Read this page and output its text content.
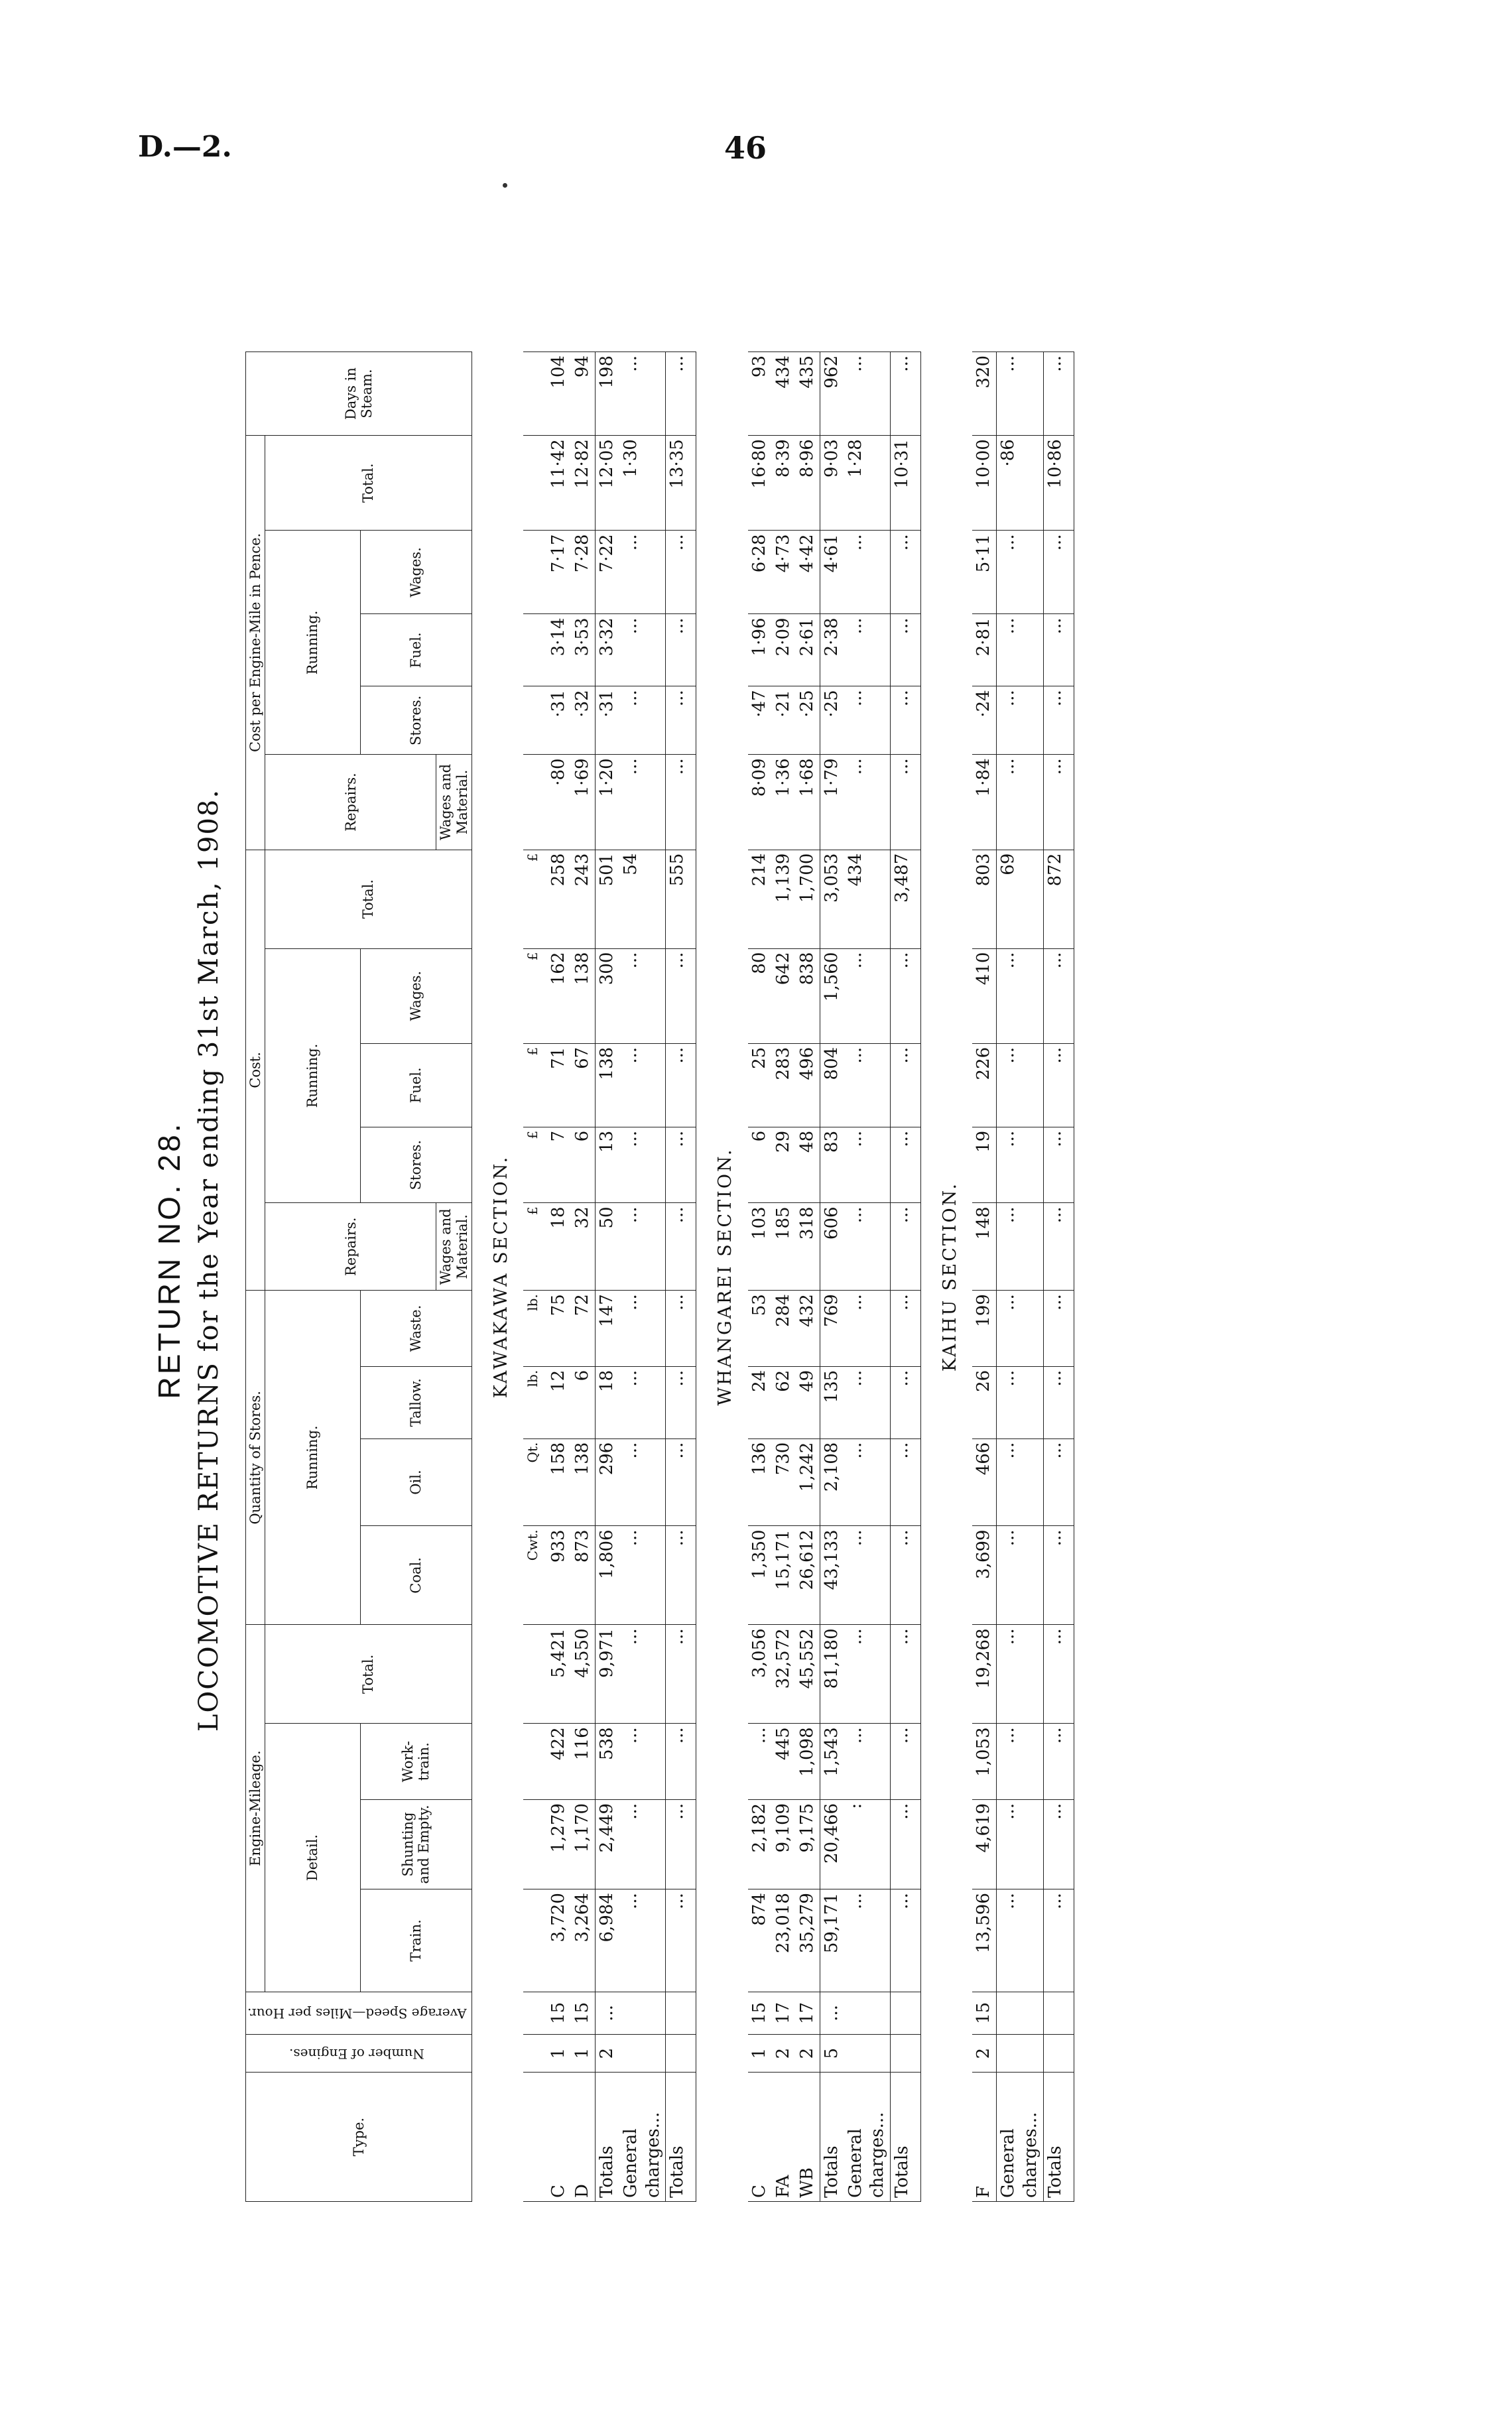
D.—2.	46
RETURN NO. 28. LOCOMOTIVE RETURNS for the Year ending 31st March, 1908.
Type.	Number of Engines.	Average Speed—Miles per Hour.	Engine-Mileage.				Quantity of Stores.				Cost.					Cost per Engine-Mile in Pence.					Days in Steam.
			Detail.			Total.	Running.				Repairs.	Running.			Total.	Repairs.	Running.			Total.	
			Train.	Shunting and Empty.	Work-train.		Coal.	Oil.	Tallow.	Waste.		Stores.	Fuel.	Wages.			Stores.	Fuel.	Wages.		
											Wages and Material.					Wages and Material.					
KAWAKAWA SECTION.																					
							Cwt.	Qt.	lb.	lb.	£	£	£	£	£						
C	1	15	3,720	1,279	422	5,421	933	158	12	75	18	7	71	162	258	·80	·31	3·14	7·17	11·42	104
D	1	15	3,264	1,170	116	4,550	873	138	6	72	32	6	67	138	243	1·69	·32	3·53	7·28	12·82	94
Totals	2	...	6,984	2,449	538	9,971	1,806	296	18	147	50	13	138	300	501	1·20	·31	3·32	7·22	12·05	198
General charges...			...	...	...	...	...	...	...	...	...	...	...	...	54	...	...	...	...	1·30	...
Totals			...	...	...	...	...	...	...	...	...	...	...	...	555	...	...	...	...	13·35	...
WHANGAREI SECTION.																					
C	1	15	874	2,182	...	3,056	1,350	136	24	53	103	6	25	80	214	8·09	·47	1·96	6·28	16·80	93
FA	2	17	23,018	9,109	445	32,572	15,171	730	62	284	185	29	283	642	1,139	1·36	·21	2·09	4·73	8·39	434
WB	2	17	35,279	9,175	1,098	45,552	26,612	1,242	49	432	318	48	496	838	1,700	1·68	·25	2·61	4·42	8·96	435
Totals	5	...	59,171	20,466	1,543	81,180	43,133	2,108	135	769	606	83	804	1,560	3,053	1·79	·25	2·38	4·61	9·03	962
General charges...			...	:	...	...	...	...	...	...	...	...	...	...	434	...	...	...	...	1·28	...
Totals			...	...	...	...	...	...	...	...	...	...	...	...	3,487	...	...	...	...	10·31	...
KAIHU SECTION.																					
F	2	15	13,596	4,619	1,053	19,268	3,699	466	26	199	148	19	226	410	803	1·84	·24	2·81	5·11	10·00	320
General charges...			...	...	...	...	...	...	...	...	...	...	...	...	69	...	...	...	...	·86	...
Totals			...	...	...	...	...	...	...	...	...	...	...	...	872	...	...	...	...	10·86	...
